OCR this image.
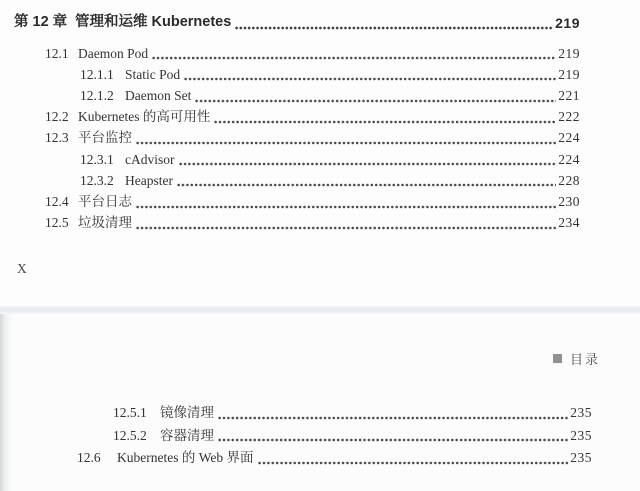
第 12 章 管理和运维 Kubernetes	219
12.1 Daemon Pod	219
12.1.1 Static Pod	219
12.1.2 Daemon Set	221
12.2 Kubernetes 的高可用性	222
12.3 平台监控	224
12.3.1 cAdvisor	224
12.3.2 Heapster	228
12.4 平台日志	230
12.5 垃圾清理	234
X
目录
12.5.1 镜像清理	235
12.5.2 容器清理	235
12.6	Kubernetes 的 Web 界面	235
